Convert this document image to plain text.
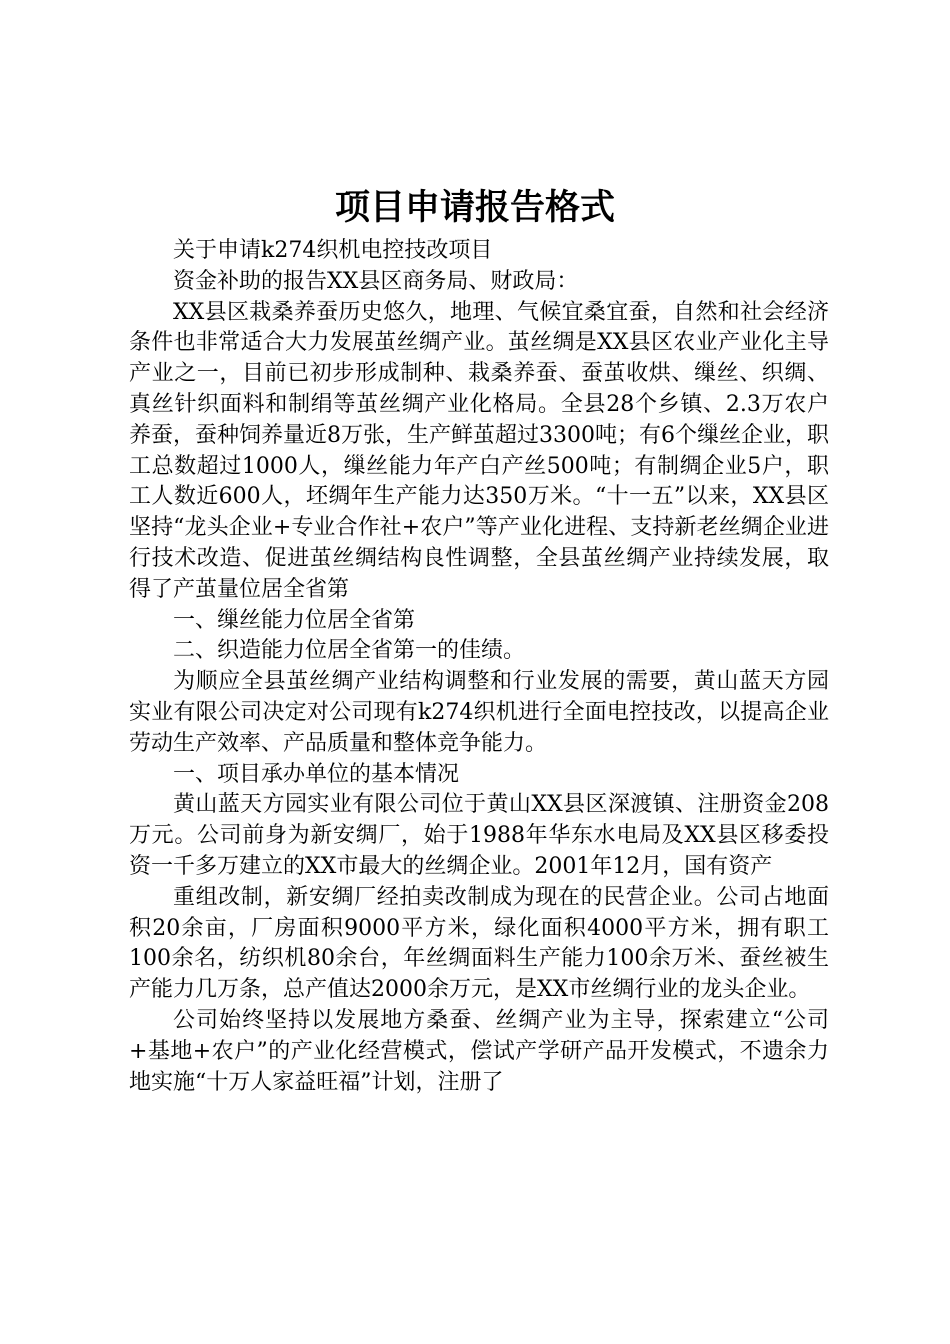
项目申请报告格式

关于申请k274织机电控技改项目

资金补助的报告XX县区商务局、财政局：

XX县区栽桑养蚕历史悠久，地理、气候宜桑宜蚕，自然和社会经济条件也非常适合大力发展茧丝绸产业。茧丝绸是XX县区农业产业化主导产业之一，目前已初步形成制种、栽桑养蚕、蚕茧收烘、缫丝、织绸、真丝针织面料和制绢等茧丝绸产业化格局。全县28个乡镇、2.3万农户养蚕，蚕种饲养量近8万张，生产鲜茧超过3300吨；有6个缫丝企业，职工总数超过1000人，缫丝能力年产白产丝500吨；有制绸企业5户，职工人数近600人，坯绸年生产能力达350万米。“十一五”以来，XX县区坚持“龙头企业+专业合作社+农户”等产业化进程、支持新老丝绸企业进行技术改造、促进茧丝绸结构良性调整，全县茧丝绸产业持续发展，取得了产茧量位居全省第

一、缫丝能力位居全省第

二、织造能力位居全省第一的佳绩。

为顺应全县茧丝绸产业结构调整和行业发展的需要，黄山蓝天方园实业有限公司决定对公司现有k274织机进行全面电控技改，以提高企业劳动生产效率、产品质量和整体竞争能力。

一、项目承办单位的基本情况

黄山蓝天方园实业有限公司位于黄山XX县区深渡镇、注册资金208万元。公司前身为新安绸厂，始于1988年华东水电局及XX县区移委投资一千多万建立的XX市最大的丝绸企业。2001年12月，国有资产

重组改制，新安绸厂经拍卖改制成为现在的民营企业。公司占地面积20余亩，厂房面积9000平方米，绿化面积4000平方米，拥有职工100余名，纺织机80余台，年丝绸面料生产能力100余万米、蚕丝被生产能力几万条，总产值达2000余万元，是XX市丝绸行业的龙头企业。

公司始终坚持以发展地方桑蚕、丝绸产业为主导，探索建立“公司+基地+农户”的产业化经营模式，偿试产学研产品开发模式，不遗余力地实施“十万人家益旺福”计划，注册了
